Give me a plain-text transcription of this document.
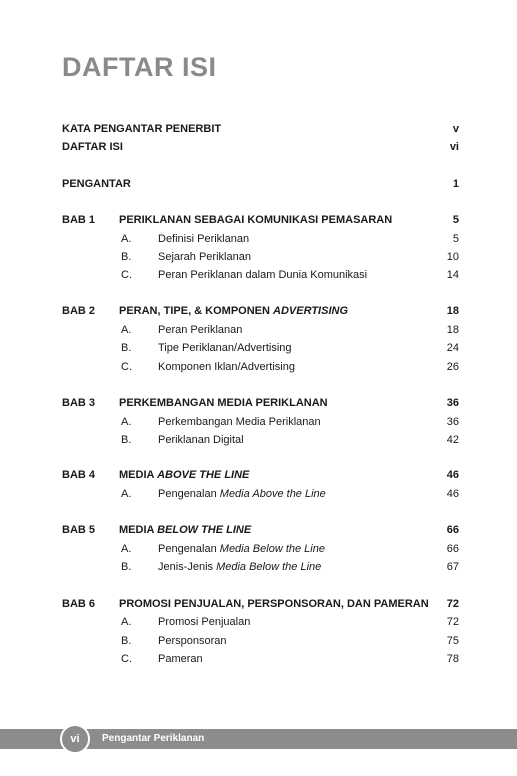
DAFTAR ISI
KATA PENGANTAR PENERBIT	v
DAFTAR ISI	vi
PENGANTAR	1
BAB 1 PERIKLANAN SEBAGAI KOMUNIKASI PEMASARAN	5
A. Definisi Periklanan	5
B. Sejarah Periklanan	10
C. Peran Periklanan dalam Dunia Komunikasi	14
BAB 2 PERAN, TIPE, & KOMPONEN ADVERTISING	18
A. Peran Periklanan	18
B. Tipe Periklanan/Advertising	24
C. Komponen Iklan/Advertising	26
BAB 3 PERKEMBANGAN MEDIA PERIKLANAN	36
A. Perkembangan Media Periklanan	36
B. Periklanan Digital	42
BAB 4 MEDIA ABOVE THE LINE	46
A. Pengenalan Media Above the Line	46
BAB 5 MEDIA BELOW THE LINE	66
A. Pengenalan Media Below the Line	66
B. Jenis-Jenis Media Below the Line	67
BAB 6 PROMOSI PENJUALAN, PERSPONSORAN, DAN PAMERAN 72
A. Promosi Penjualan	72
B. Persponsoran	75
C. Pameran	78
vi	Pengantar Periklanan
